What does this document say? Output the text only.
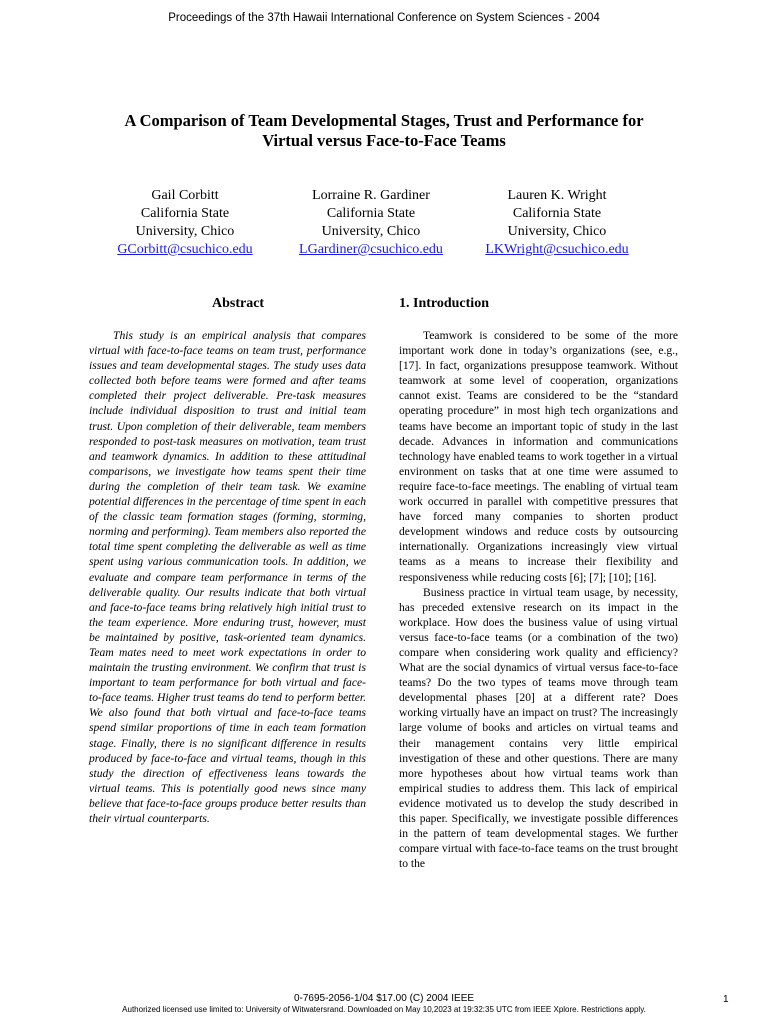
Proceedings of the 37th Hawaii International Conference on System Sciences - 2004
A Comparison of Team Developmental Stages, Trust and Performance for
Virtual versus Face-to-Face Teams
Gail Corbitt
California State
University, Chico
GCorbitt@csuchico.edu
Lorraine R. Gardiner
California State
University, Chico
LGardiner@csuchico.edu
Lauren K. Wright
California State
University, Chico
LKWright@csuchico.edu
Abstract	1. Introduction

This study is an empirical analysis that compares virtual with face-to-face teams on team trust, performance issues and team developmental stages. The study uses data collected both before teams were formed and after teams completed their project deliverable. Pre-task measures include individual disposition to trust and initial team trust. Upon completion of their deliverable, team members responded to post-task measures on motivation, team trust and teamwork dynamics. In addition to these attitudinal comparisons, we investigate how teams spent their time during the completion of their team task. We examine potential differences in the percentage of time spent in each of the classic team formation stages (forming, storming, norming and performing). Team members also reported the total time spent completing the deliverable as well as time spent using various communication tools. In addition, we evaluate and compare team performance in terms of the deliverable quality. Our results indicate that both virtual and face-to-face teams bring relatively high initial trust to the team experience. More enduring trust, however, must be maintained by positive, task-oriented team dynamics. Team mates need to meet work expectations in order to maintain the trusting environment. We confirm that trust is important to team performance for both virtual and face-to-face teams. Higher trust teams do tend to perform better. We also found that both virtual and face-to-face teams spend similar proportions of time in each team formation stage. Finally, there is no significant difference in results produced by face-to-face and virtual teams, though in this study the direction of effectiveness leans towards the virtual teams. This is potentially good news since many believe that face-to-face groups produce better results than their virtual counterparts.

Teamwork is considered to be some of the more important work done in today’s organizations (see, e.g., [17]. In fact, organizations presuppose teamwork. Without teamwork at some level of cooperation, organizations cannot exist. Teams are considered to be the “standard operating procedure” in most high tech organizations and teams have become an important topic of study in the last decade. Advances in information and communications technology have enabled teams to work together in a virtual environment on tasks that at one time were assumed to require face-to-face meetings. The enabling of virtual team work occurred in parallel with competitive pressures that have forced many companies to shorten product development windows and reduce costs by outsourcing internationally. Organizations increasingly view virtual teams as a means to increase their flexibility and responsiveness while reducing costs [6]; [7]; [10]; [16].

Business practice in virtual team usage, by necessity, has preceded extensive research on its impact in the workplace. How does the business value of using virtual versus face-to-face teams (or a combination of the two) compare when considering work quality and efficiency? What are the social dynamics of virtual versus face-to-face teams? Do the two types of teams move through team developmental phases [20] at a different rate? Does working virtually have an impact on trust? The increasingly large volume of books and articles on virtual teams and their management contains very little empirical investigation of these and other questions. There are many more hypotheses about how virtual teams work than empirical studies to address them. This lack of empirical evidence motivated us to develop the study described in this paper. Specifically, we investigate possible differences in the pattern of team developmental stages. We further compare virtual with face-to-face teams on the trust brought to the

0-7695-2056-1/04 $17.00 (C) 2004 IEEE	1
Authorized licensed use limited to: University of Witwatersrand. Downloaded on May 10,2023 at 19:32:35 UTC from IEEE Xplore. Restrictions apply.
